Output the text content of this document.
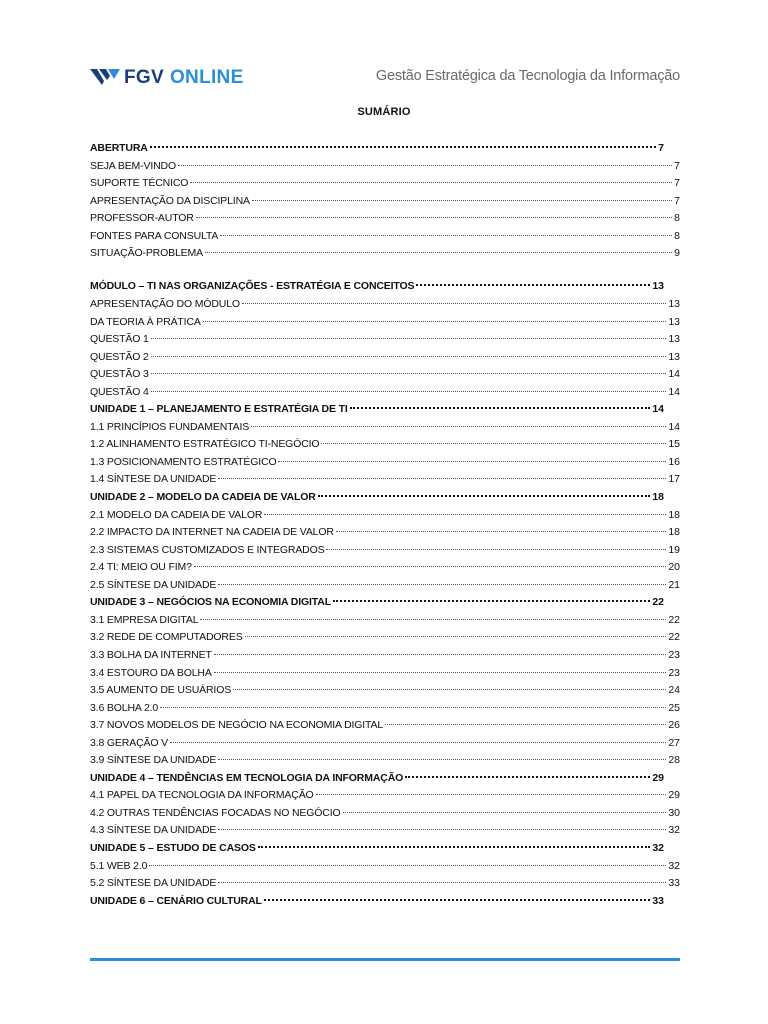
FGV ONLINE	Gestão Estratégica da Tecnologia da Informação
SUMÁRIO
ABERTURA	7
SEJA BEM-VINDO	7
SUPORTE TÉCNICO	7
APRESENTAÇÃO DA DISCIPLINA	7
PROFESSOR-AUTOR	8
FONTES PARA CONSULTA	8
SITUAÇÃO-PROBLEMA	9
MÓDULO – TI NAS ORGANIZAÇÕES - ESTRATÉGIA E CONCEITOS	13
APRESENTAÇÃO DO MÓDULO	13
DA TEORIA À PRÁTICA	13
QUESTÃO 1	13
QUESTÃO 2	13
QUESTÃO 3	14
QUESTÃO 4	14
UNIDADE 1 – PLANEJAMENTO E ESTRATÉGIA DE TI	14
1.1 PRINCÍPIOS FUNDAMENTAIS	14
1.2 ALINHAMENTO ESTRATÉGICO TI-NEGÓCIO	15
1.3 POSICIONAMENTO ESTRATÉGICO	16
1.4 SÍNTESE DA UNIDADE	17
UNIDADE 2 – MODELO DA CADEIA DE VALOR	18
2.1 MODELO DA CADEIA DE VALOR	18
2.2 IMPACTO DA INTERNET NA CADEIA DE VALOR	18
2.3 SISTEMAS CUSTOMIZADOS E INTEGRADOS	19
2.4 TI: MEIO OU FIM?	20
2.5 SÍNTESE DA UNIDADE	21
UNIDADE 3 – NEGÓCIOS NA ECONOMIA DIGITAL	22
3.1 EMPRESA DIGITAL	22
3.2 REDE DE COMPUTADORES	22
3.3 BOLHA DA INTERNET	23
3.4 ESTOURO DA BOLHA	23
3.5 AUMENTO DE USUÁRIOS	24
3.6 BOLHA 2.0	25
3.7 NOVOS MODELOS DE NEGÓCIO NA ECONOMIA DIGITAL	26
3.8 GERAÇÃO V	27
3.9 SÍNTESE DA UNIDADE	28
UNIDADE 4 – TENDÊNCIAS EM TECNOLOGIA DA INFORMAÇÃO	29
4.1 PAPEL DA TECNOLOGIA DA INFORMAÇÃO	29
4.2 OUTRAS TENDÊNCIAS FOCADAS NO NEGÓCIO	30
4.3 SÍNTESE DA UNIDADE	32
UNIDADE 5 – ESTUDO DE CASOS	32
5.1 WEB 2.0	32
5.2 SÍNTESE DA UNIDADE	33
UNIDADE 6 – CENÁRIO CULTURAL	33
